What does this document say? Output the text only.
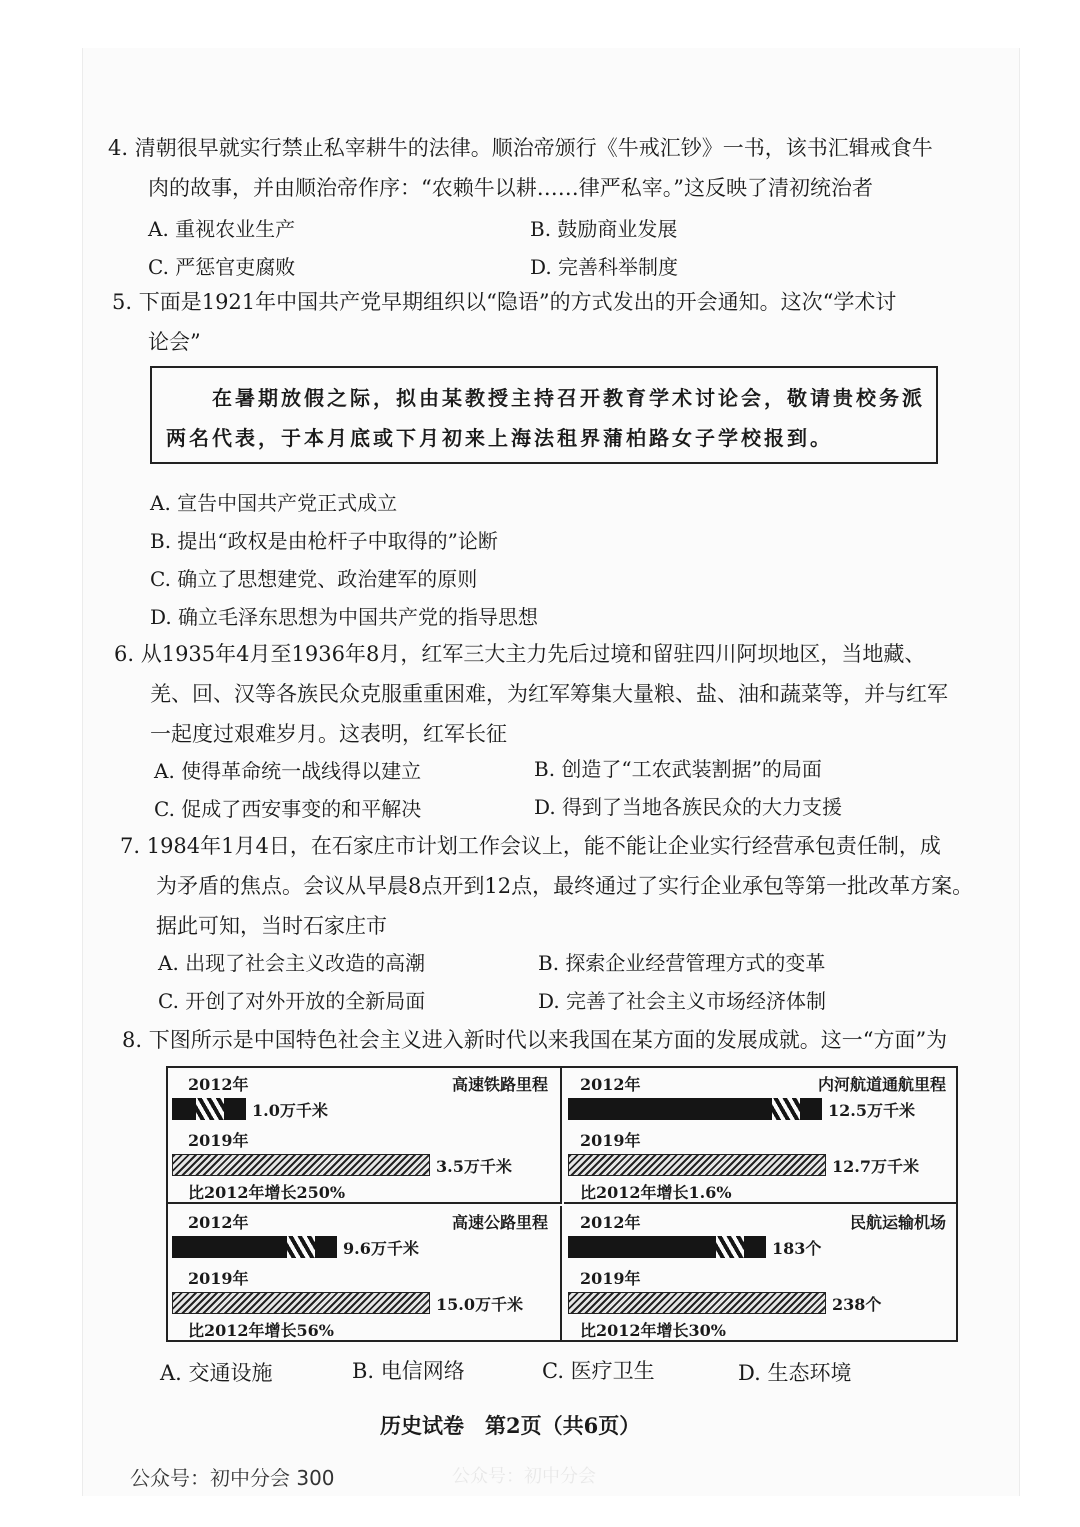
4. 清朝很早就实行禁止私宰耕牛的法律。顺治帝颁行《牛戒汇钞》一书，该书汇辑戒食牛
肉的故事，并由顺治帝作序：“农赖牛以耕……律严私宰。”这反映了清初统治者
A. 重视农业生产	B. 鼓励商业发展
C. 严惩官吏腐败	D. 完善科举制度
5. 下面是1921年中国共产党早期组织以“隐语”的方式发出的开会通知。这次“学术讨
论会”
在暑期放假之际，拟由某教授主持召开教育学术讨论会，敬请贵校务派
两名代表，于本月底或下月初来上海法租界蒲柏路女子学校报到。
A. 宣告中国共产党正式成立
B. 提出“政权是由枪杆子中取得的”论断
C. 确立了思想建党、政治建军的原则
D. 确立毛泽东思想为中国共产党的指导思想
6. 从1935年4月至1936年8月，红军三大主力先后过境和留驻四川阿坝地区，当地藏、
羌、回、汉等各族民众克服重重困难，为红军筹集大量粮、盐、油和蔬菜等，并与红军
一起度过艰难岁月。这表明，红军长征
A. 使得革命统一战线得以建立	B. 创造了“工农武装割据”的局面
C. 促成了西安事变的和平解决	D. 得到了当地各族民众的大力支援
7. 1984年1月4日，在石家庄市计划工作会议上，能不能让企业实行经营承包责任制，成
为矛盾的焦点。会议从早晨8点开到12点，最终通过了实行企业承包等第一批改革方案。
据此可知，当时石家庄市
A. 出现了社会主义改造的高潮	B. 探索企业经营管理方式的变革
C. 开创了对外开放的全新局面	D. 完善了社会主义市场经济体制
8. 下图所示是中国特色社会主义进入新时代以来我国在某方面的发展成就。这一“方面”为
2012年	高速铁路里程
1.0万千米
2019年
3.5万千米
比2012年增长250%
2012年	内河航道通航里程
12.5万千米
2019年
12.7万千米
比2012年增长1.6%
2012年	高速公路里程
9.6万千米
2019年
15.0万千米
比2012年增长56%
2012年	民航运输机场
183个
2019年
238个
比2012年增长30%
A. 交通设施	B. 电信网络	C. 医疗卫生	D. 生态环境
历史试卷　第2页（共6页）
公众号：初中分会 300	公众号：初中分会
